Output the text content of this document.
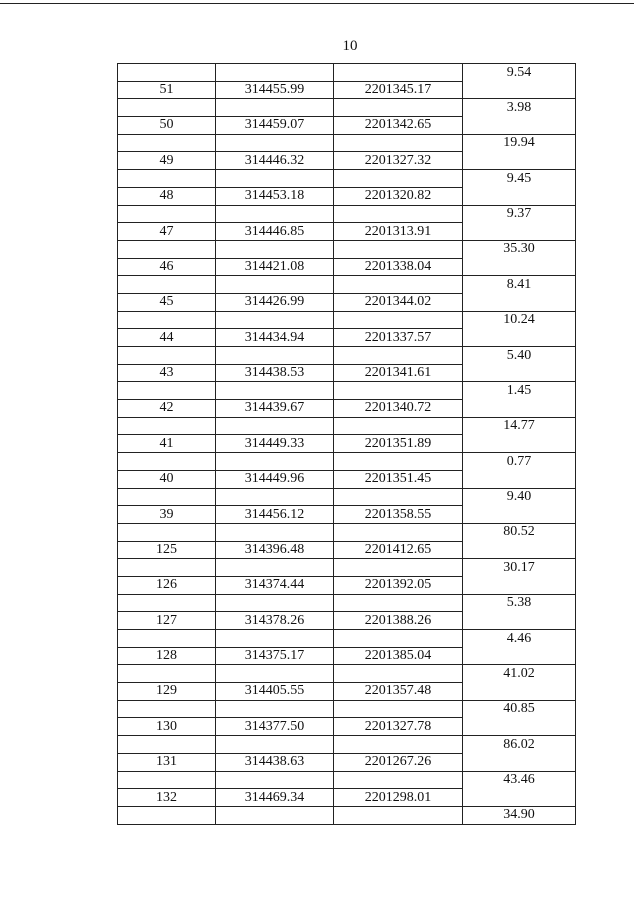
10
			9.54
51	314455.99	2201345.17	
			3.98
50	314459.07	2201342.65	
			19.94
49	314446.32	2201327.32	
			9.45
48	314453.18	2201320.82	
			9.37
47	314446.85	2201313.91	
			35.30
46	314421.08	2201338.04	
			8.41
45	314426.99	2201344.02	
			10.24
44	314434.94	2201337.57	
			5.40
43	314438.53	2201341.61	
			1.45
42	314439.67	2201340.72	
			14.77
41	314449.33	2201351.89	
			0.77
40	314449.96	2201351.45	
			9.40
39	314456.12	2201358.55	
			80.52
125	314396.48	2201412.65	
			30.17
126	314374.44	2201392.05	
			5.38
127	314378.26	2201388.26	
			4.46
128	314375.17	2201385.04	
			41.02
129	314405.55	2201357.48	
			40.85
130	314377.50	2201327.78	
			86.02
131	314438.63	2201267.26	
			43.46
132	314469.34	2201298.01	
			34.90
